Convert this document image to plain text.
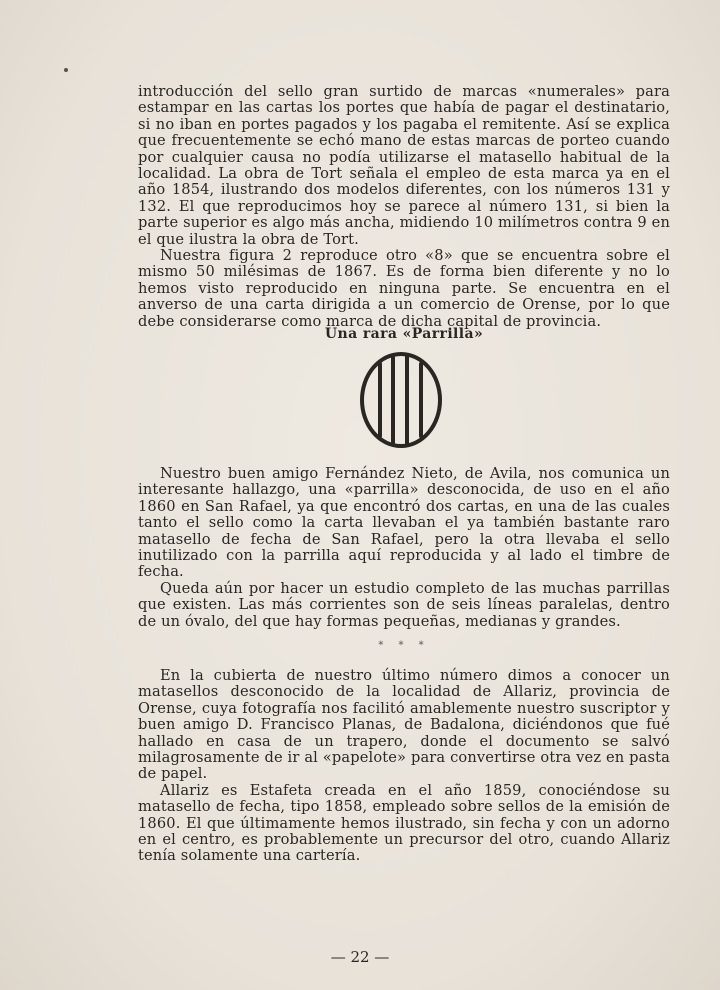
introducción del sello gran surtido de marcas «numerales» para estampar en las cartas los portes que había de pagar el destinatario, si no iban en portes pagados y los pagaba el remitente. Así se explica que frecuentemente se echó mano de estas marcas de porteo cuando por cualquier causa no podía utilizarse el matasello habitual de la localidad. La obra de Tort señala el empleo de esta marca ya en el año 1854, ilustrando dos modelos diferentes, con los números 131 y 132. El que reproducimos hoy se parece al número 131, si bien la parte superior es algo más ancha, midiendo 10 milímetros contra 9 en el que ilustra la obra de Tort.

Nuestra figura 2 reproduce otro «8» que se encuentra sobre el mismo 50 milésimas de 1867. Es de forma bien diferente y no lo hemos visto reproducido en ninguna parte. Se encuentra en el anverso de una carta dirigida a un comercio de Orense, por lo que debe considerarse como marca de dicha capital de provincia.

Una rara «Parrilla»

Nuestro buen amigo Fernández Nieto, de Avila, nos comunica un interesante hallazgo, una «parrilla» desconocida, de uso en el año 1860 en San Rafael, ya que encontró dos cartas, en una de las cuales tanto el sello como la carta llevaban el ya también bastante raro matasello de fecha de San Rafael, pero la otra llevaba el sello inutilizado con la parrilla aquí reproducida y al lado el timbre de fecha.

Queda aún por hacer un estudio completo de las muchas parrillas que existen. Las más corrientes son de seis líneas paralelas, dentro de un óvalo, del que hay formas pequeñas, medianas y grandes.

* * *

En la cubierta de nuestro último número dimos a conocer un matasellos desconocido de la localidad de Allariz, provincia de Orense, cuya fotografía nos facilitó amablemente nuestro suscriptor y buen amigo D. Francisco Planas, de Badalona, diciéndonos que fué hallado en casa de un trapero, donde el documento se salvó milagrosamente de ir al «papelote» para convertirse otra vez en pasta de papel.

Allariz es Estafeta creada en el año 1859, conociéndose su matasello de fecha, tipo 1858, empleado sobre sellos de la emisión de 1860. El que últimamente hemos ilustrado, sin fecha y con un adorno en el centro, es probablemente un precursor del otro, cuando Allariz tenía solamente una cartería.

— 22 —
